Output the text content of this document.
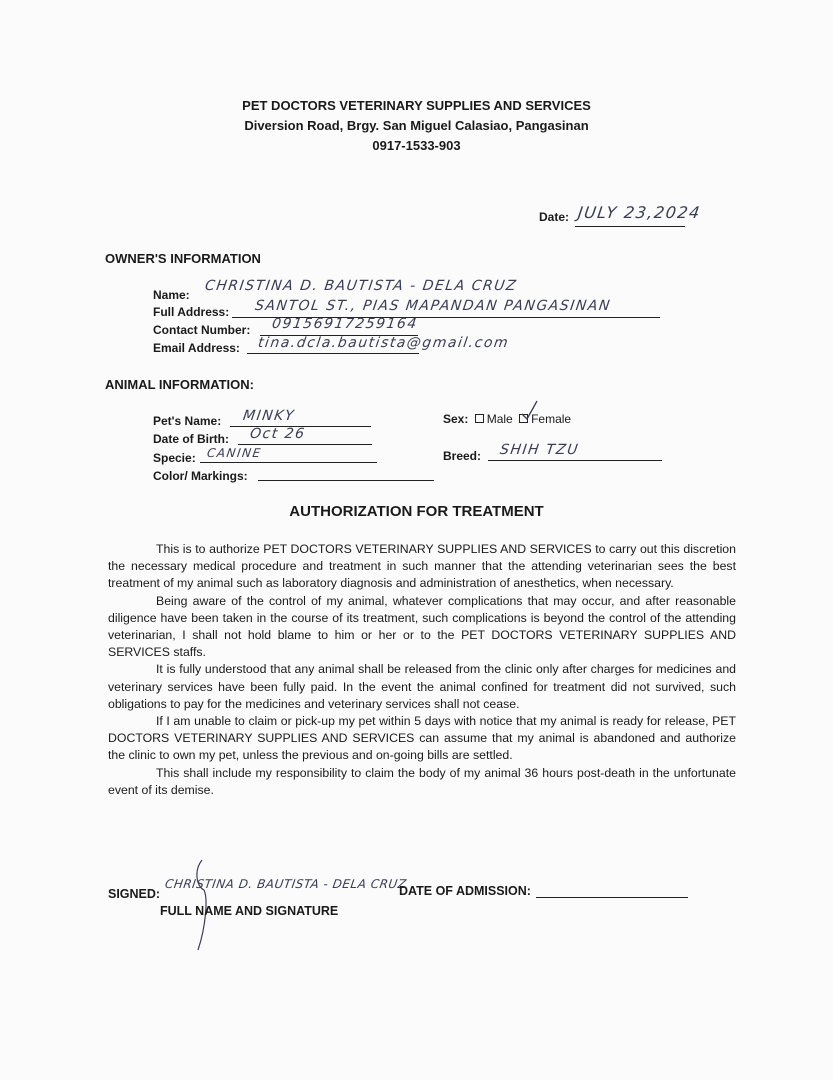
PET DOCTORS VETERINARY SUPPLIES AND SERVICES
Diversion Road, Brgy. San Miguel Calasiao, Pangasinan
0917-1533-903
Date: JULY 23,2024
OWNER'S INFORMATION
Name:
CHRISTINA D. BAUTISTA - DELA CRUZ
Full Address: SANTOL ST., PIAS MAPANDAN PANGASINAN
Contact Number: 09156917259164
Email Address: tina.dcla.bautista@gmail.com
ANIMAL INFORMATION:
Pet's Name: MINKY
Date of Birth: Oct 26
Specie: CANINE
Color/ Markings:
Sex: Male Female
Breed: SHIH TZU
AUTHORIZATION FOR TREATMENT

This is to authorize PET DOCTORS VETERINARY SUPPLIES AND SERVICES to carry out this discretion the necessary medical procedure and treatment in such manner that the attending veterinarian sees the best treatment of my animal such as laboratory diagnosis and administration of anesthetics, when necessary.

Being aware of the control of my animal, whatever complications that may occur, and after reasonable diligence have been taken in the course of its treatment, such complications is beyond the control of the attending veterinarian, I shall not hold blame to him or her or to the PET DOCTORS VETERINARY SUPPLIES AND SERVICES staffs.

It is fully understood that any animal shall be released from the clinic only after charges for medicines and veterinary services have been fully paid. In the event the animal confined for treatment did not survived, such obligations to pay for the medicines and veterinary services shall not cease.

If I am unable to claim or pick-up my pet within 5 days with notice that my animal is ready for release, PET DOCTORS VETERINARY SUPPLIES AND SERVICES can assume that my animal is abandoned and authorize the clinic to own my pet, unless the previous and on-going bills are settled.

This shall include my responsibility to claim the body of my animal 36 hours post-death in the unfortunate event of its demise.

SIGNED:
CHRISTINA D. BAUTISTA - DELA CRUZ
FULL NAME AND SIGNATURE
DATE OF ADMISSION:
